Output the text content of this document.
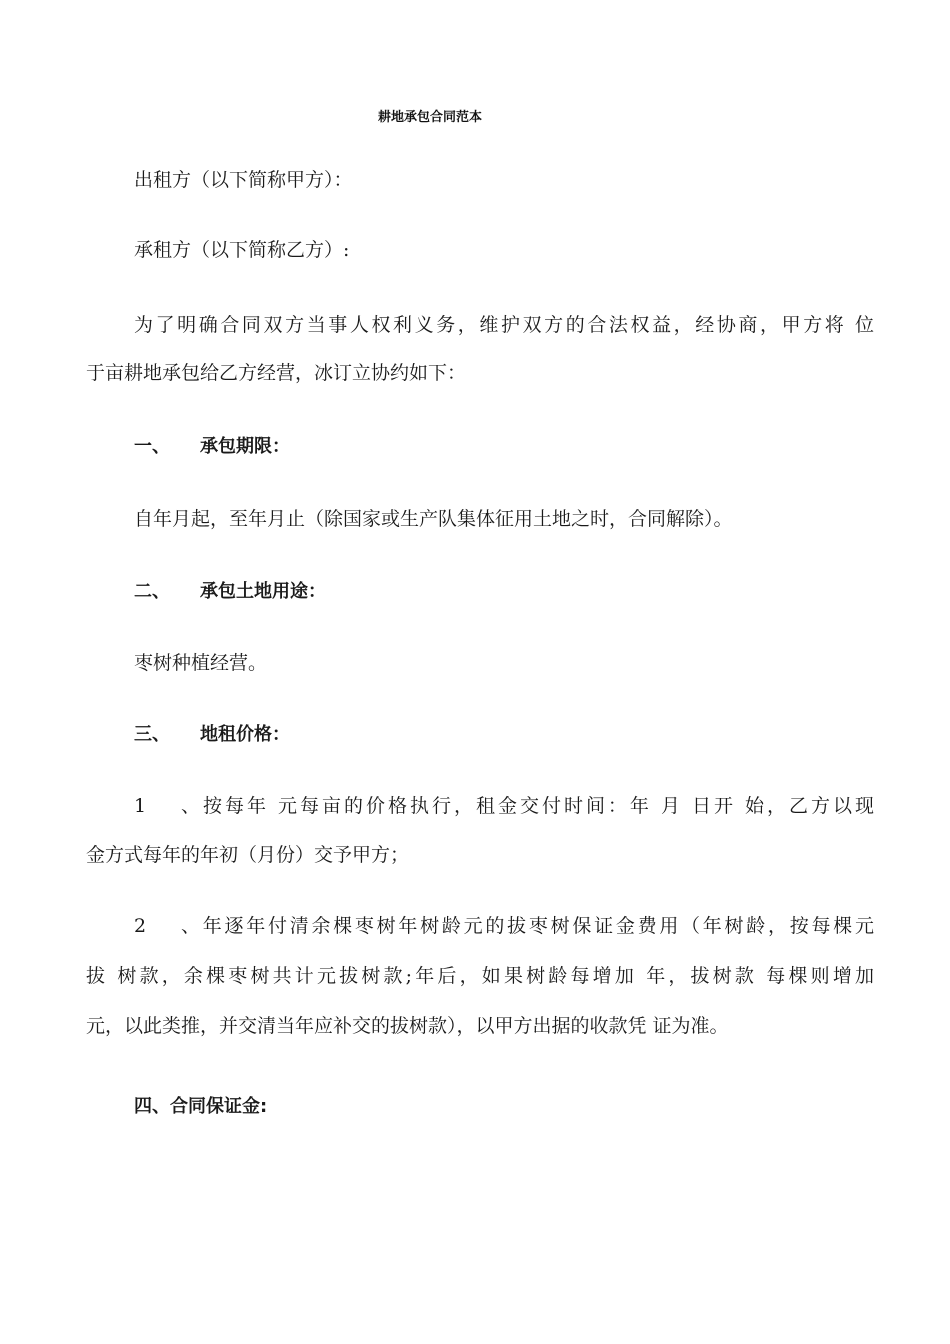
耕地承包合同范本
出租方（以下简称甲方）：
承租方（以下简称乙方）:
为了明确合同双方当事人权利义务，维护双方的合法权益，经协商，甲方将 位
于亩耕地承包给乙方经营，冰订立协约如下：
一、 承包期限：
自年月起，至年月止（除国家或生产队集体征用土地之时，合同解除）。
二、 承包土地用途：
枣树种植经营。
三、 地租价格：
1、按每年 元每亩的价格执行，租金交付时间：年 月 日开 始，乙方以现
金方式每年的年初（月份）交予甲方；
2、年逐年付清余棵枣树年树龄元的拔枣树保证金费用（年树龄，按每棵元
拔 树款，余棵枣树共计元拔树款;年后，如果树龄每增加 年，拔树款 每棵则增加
元，以此类推，并交清当年应补交的拔树款），以甲方出据的收款凭 证为准。
四、合同保证金:
